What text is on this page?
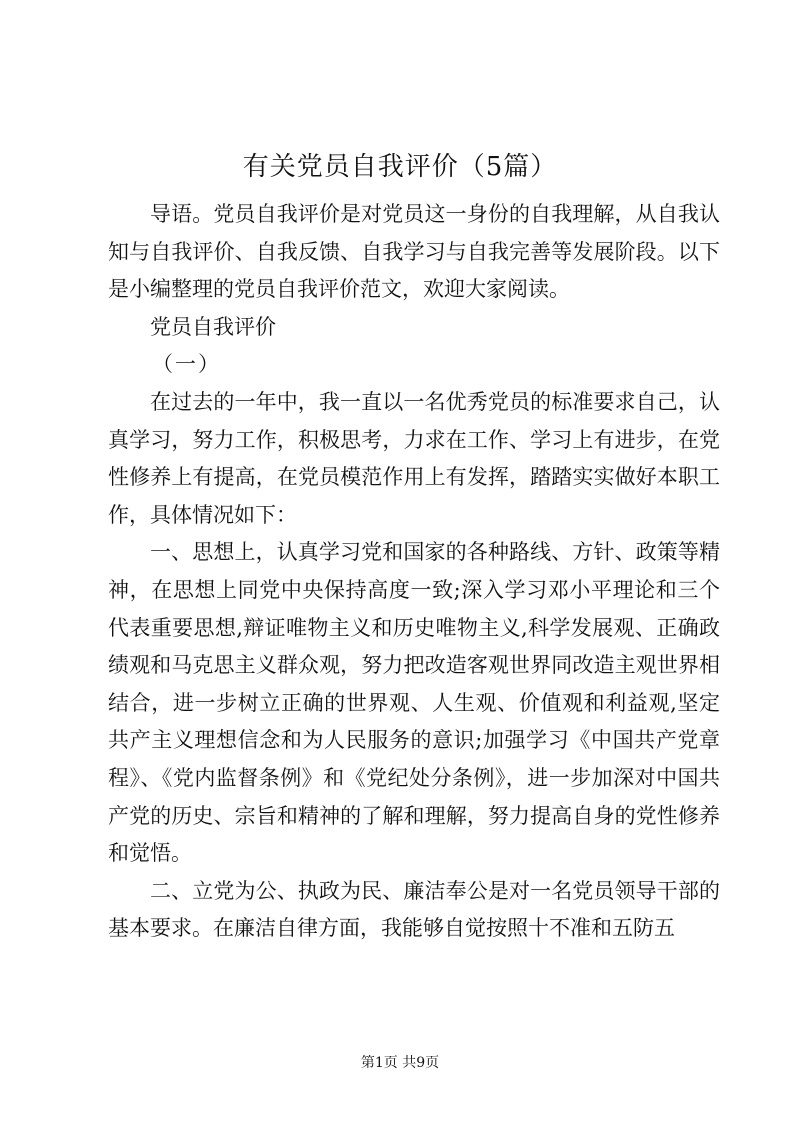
有关党员自我评价（5篇）

导语。党员自我评价是对党员这一身份的自我理解，从自我认知与自我评价、自我反馈、自我学习与自我完善等发展阶段。以下是小编整理的党员自我评价范文，欢迎大家阅读。

党员自我评价

（一）

在过去的一年中，我一直以一名优秀党员的标准要求自己，认真学习，努力工作，积极思考，力求在工作、学习上有进步，在党性修养上有提高，在党员模范作用上有发挥，踏踏实实做好本职工作，具体情况如下：

一、思想上，认真学习党和国家的各种路线、方针、政策等精神，在思想上同党中央保持高度一致;深入学习邓小平理论和三个代表重要思想,辩证唯物主义和历史唯物主义,科学发展观、正确政绩观和马克思主义群众观，努力把改造客观世界同改造主观世界相结合，进一步树立正确的世界观、人生观、价值观和利益观,坚定共产主义理想信念和为人民服务的意识;加强学习《中国共产党章程》、《党内监督条例》和《党纪处分条例》，进一步加深对中国共产党的历史、宗旨和精神的了解和理解，努力提高自身的党性修养和觉悟。

二、立党为公、执政为民、廉洁奉公是对一名党员领导干部的基本要求。在廉洁自律方面，我能够自觉按照十不准和五防五

第1页 共9页
